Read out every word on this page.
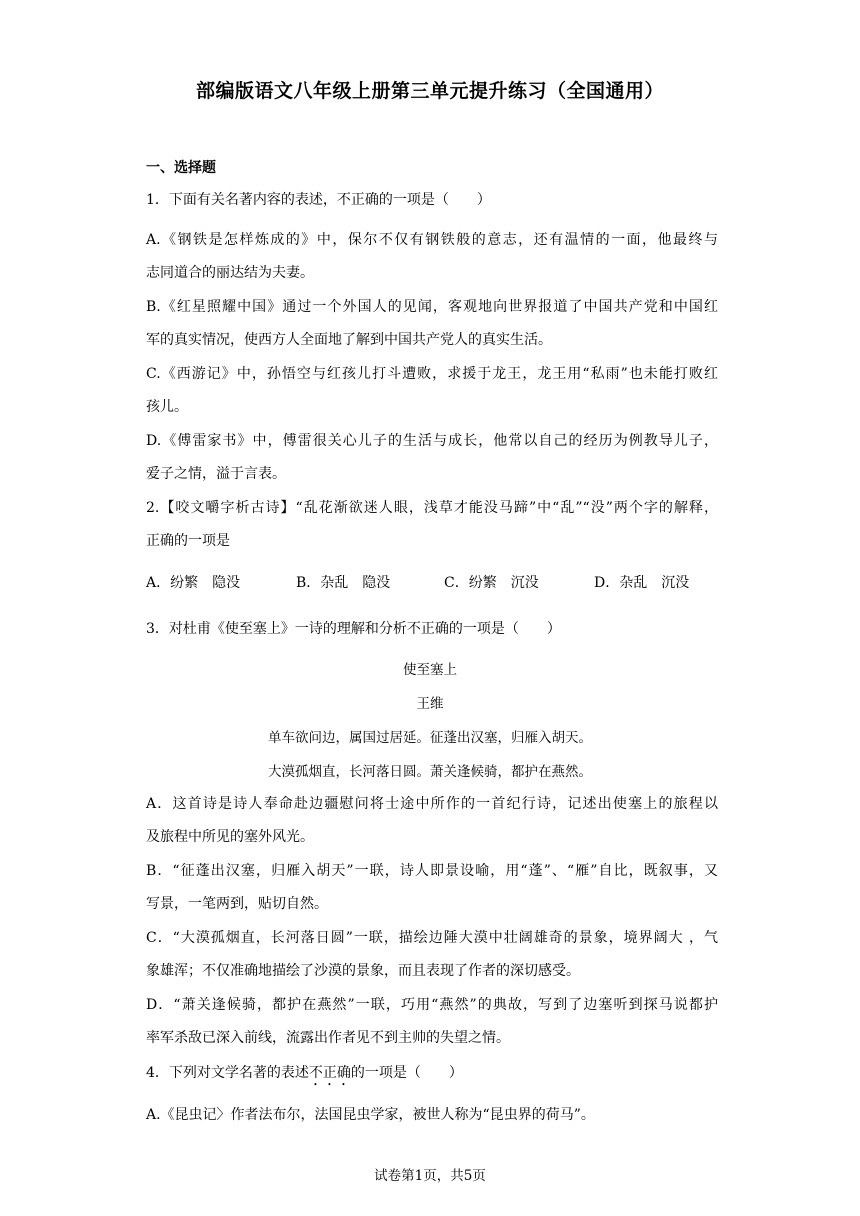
部编版语文八年级上册第三单元提升练习（全国通用）
一、选择题
1．下面有关名著内容的表述，不正确的一项是（　　）
A.《钢铁是怎样炼成的》中，保尔不仅有钢铁般的意志，还有温情的一面，他最终与
志同道合的丽达结为夫妻。
B.《红星照耀中国》通过一个外国人的见闻，客观地向世界报道了中国共产党和中国红
军的真实情况，使西方人全面地了解到中国共产党人的真实生活。
C.《西游记》中，孙悟空与红孩儿打斗遭败，求援于龙王，龙王用“私雨”也未能打败红
孩儿。
D.《傅雷家书》中，傅雷很关心儿子的生活与成长，他常以自己的经历为例教导儿子，
爱子之情，溢于言表。
2.【咬文嚼字析古诗】“乱花渐欲迷人眼，浅草才能没马蹄”中“乱”“没”两个字的解释，
正确的一项是
A．纷繁　隐没	B．杂乱　隐没	C．纷繁　沉没	D．杂乱　沉没
3．对杜甫《使至塞上》一诗的理解和分析不正确的一项是（　　）
使至塞上
王维
单车欲问边，属国过居延。征蓬出汉塞，归雁入胡天。
大漠孤烟直，长河落日圆。萧关逢候骑，都护在燕然。
A．这首诗是诗人奉命赴边疆慰问将士途中所作的一首纪行诗，记述出使塞上的旅程以
及旅程中所见的塞外风光。
B．“征蓬出汉塞，归雁入胡天”一联，诗人即景设喻，用“蓬”、“雁”自比，既叙事，又
写景，一笔两到，贴切自然。
C．“大漠孤烟直，长河落日圆”一联，描绘边陲大漠中壮阔雄奇的景象，境界阔大 ，气
象雄浑；不仅准确地描绘了沙漠的景象，而且表现了作者的深切感受。
D．“萧关逢候骑，都护在燕然”一联，巧用“燕然”的典故，写到了边塞听到探马说都护
率军杀敌已深入前线，流露出作者见不到主帅的失望之情。
4．下列对文学名著的表述不正确的一项是（　　）
A.《昆虫记〉作者法布尔，法国昆虫学家，被世人称为“昆虫界的荷马”。
试卷第1页，共5页
